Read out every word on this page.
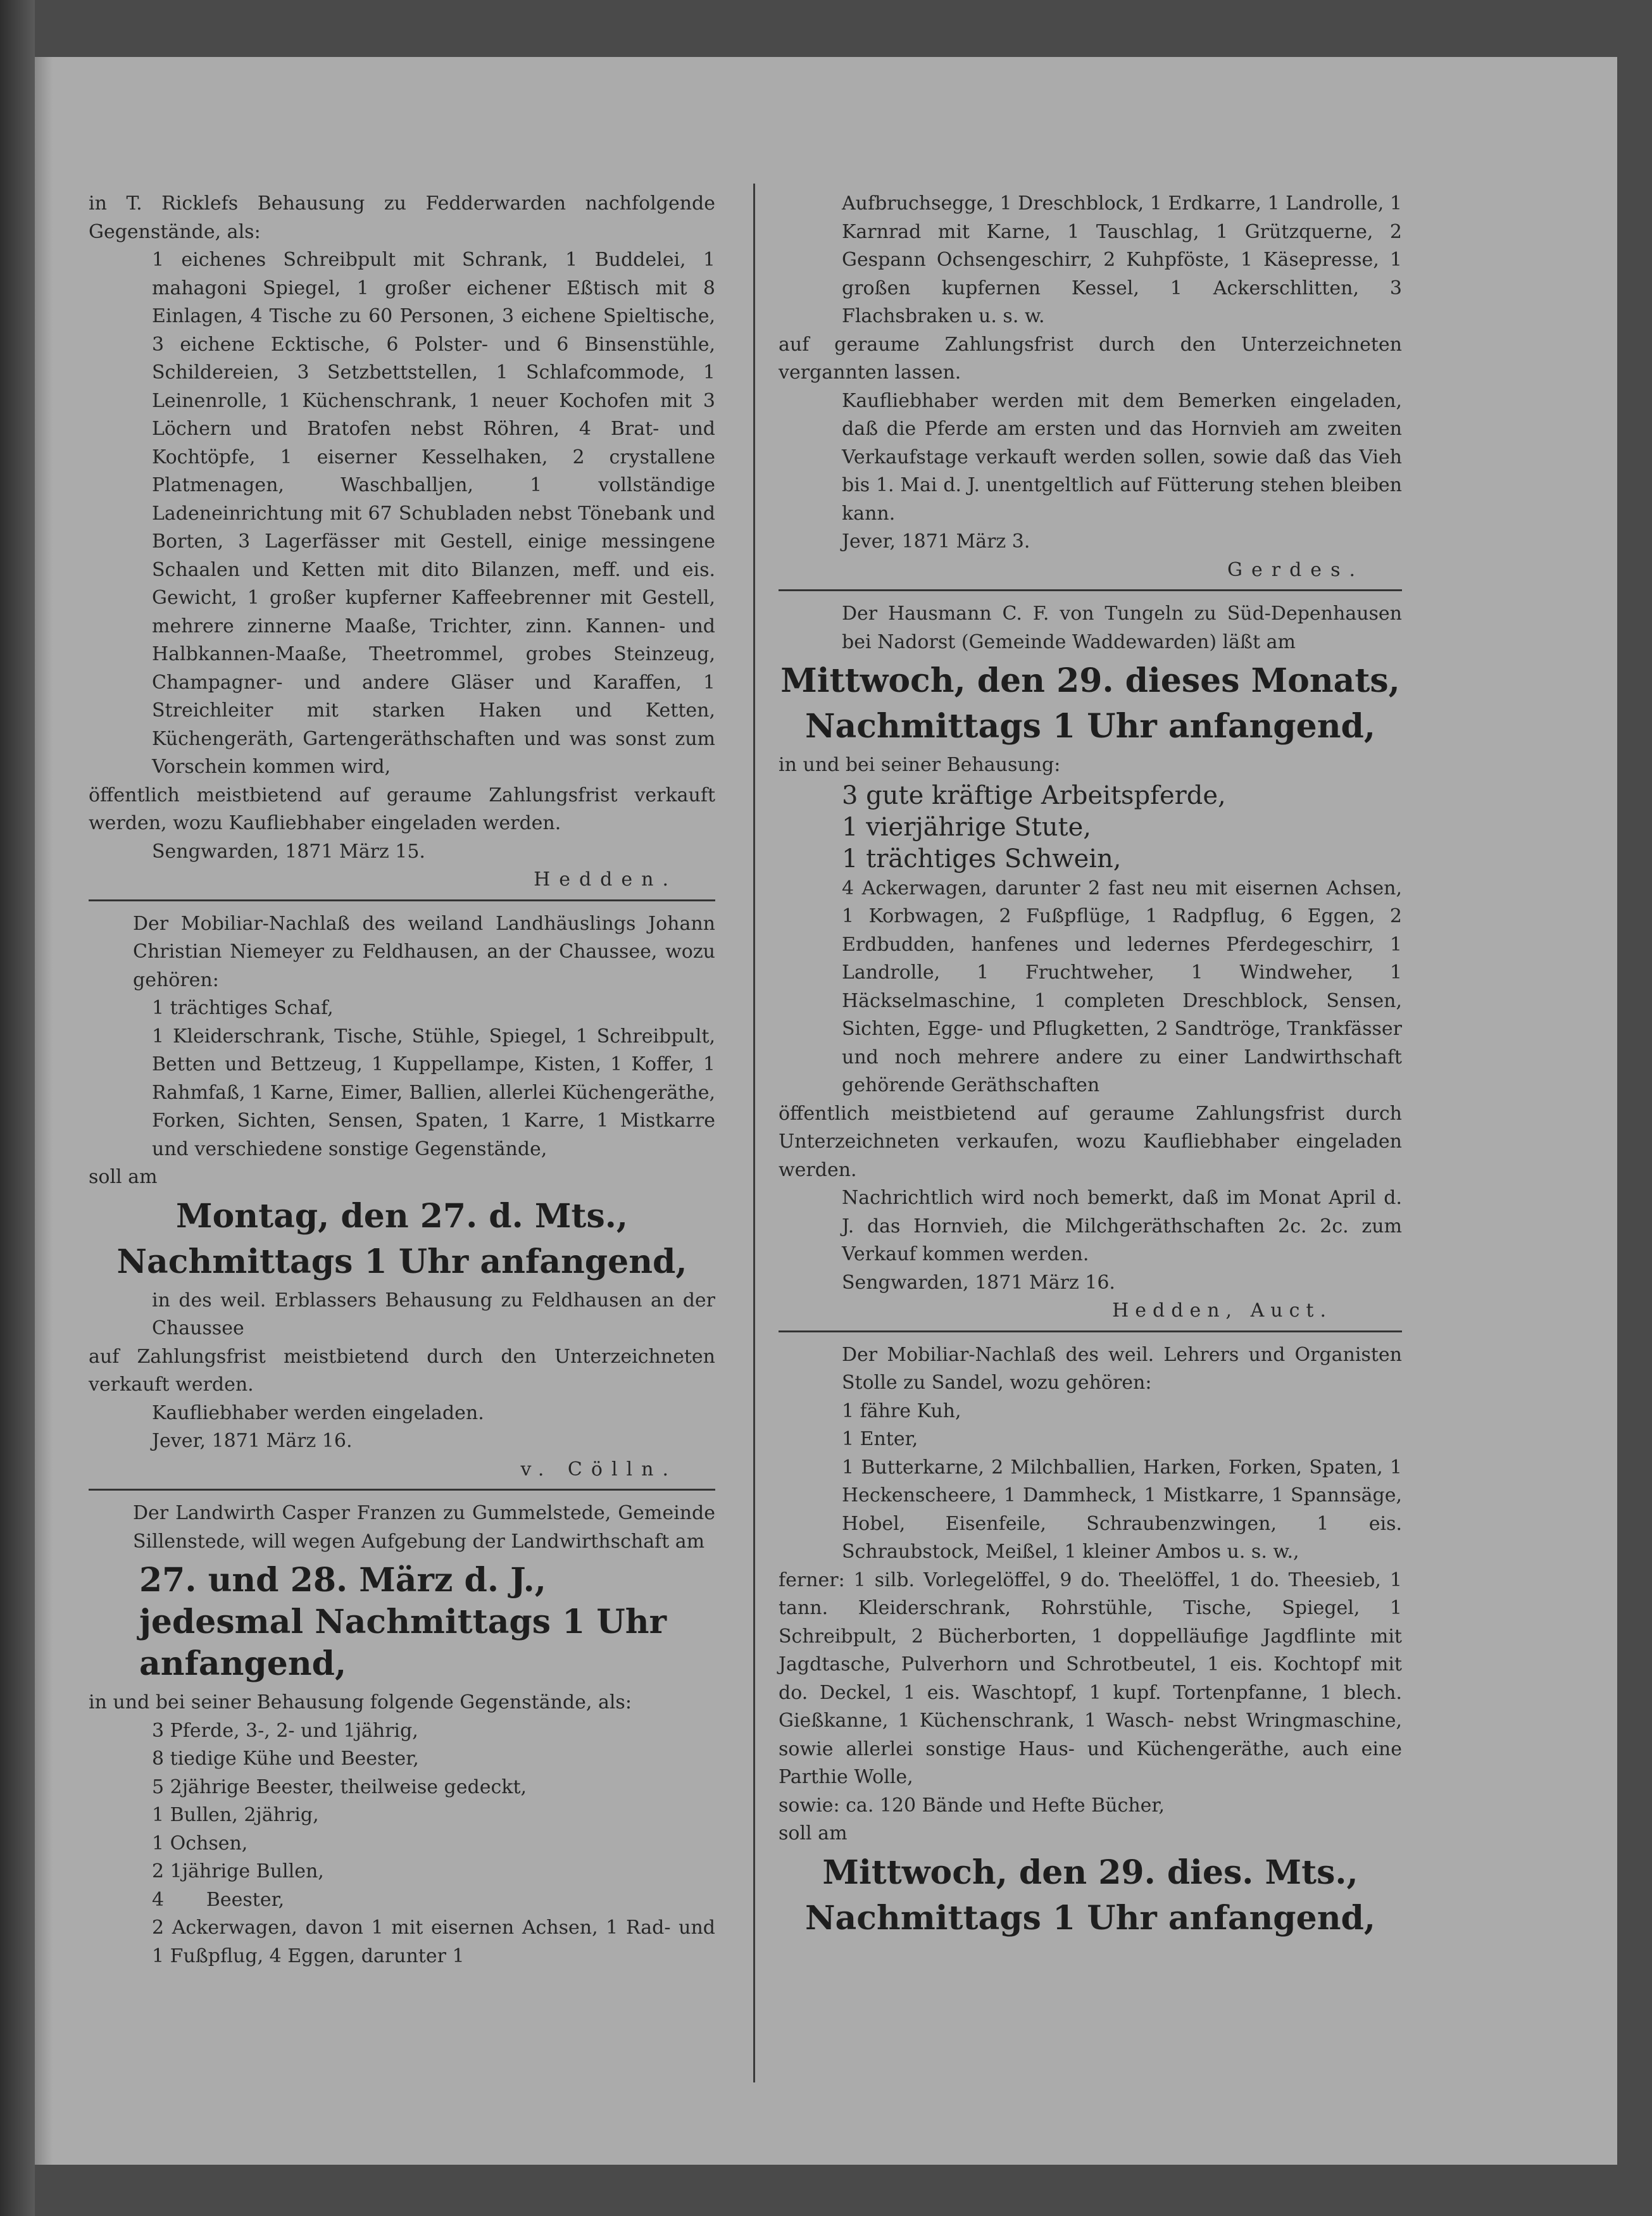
in T. Ricklefs Behausung zu Fedderwarden nachfolgende Gegenstände, als:

1 eichenes Schreibpult mit Schrank, 1 Buddelei, 1 mahagoni Spiegel, 1 großer eichener Eßtisch mit 8 Einlagen, 4 Tische zu 60 Personen, 3 eichene Spieltische, 3 eichene Ecktische, 6 Polster- und 6 Binsenstühle, Schildereien, 3 Setzbettstellen, 1 Schlafcommode, 1 Leinenrolle, 1 Küchenschrank, 1 neuer Kochofen mit 3 Löchern und Bratofen nebst Röhren, 4 Brat- und Kochtöpfe, 1 eiserner Kesselhaken, 2 crystallene Platmenagen, Waschballjen, 1 vollständige Ladeneinrichtung mit 67 Schubladen nebst Tönebank und Borten, 3 Lagerfässer mit Gestell, einige messingene Schaalen und Ketten mit dito Bilanzen, meff. und eis. Gewicht, 1 großer kupferner Kaffeebrenner mit Gestell, mehrere zinnerne Maaße, Trichter, zinn. Kannen- und Halbkannen-Maaße, Theetrommel, grobes Steinzeug, Champagner- und andere Gläser und Karaffen, 1 Streichleiter mit starken Haken und Ketten, Küchengeräth, Gartengeräthschaften und was sonst zum Vorschein kommen wird,

öffentlich meistbietend auf geraume Zahlungsfrist verkauft werden, wozu Kaufliebhaber eingeladen werden.

Sengwarden, 1871 März 15.

Hedden.

Der Mobiliar-Nachlaß des weiland Landhäuslings Johann Christian Niemeyer zu Feldhausen, an der Chaussee, wozu gehören:

1 trächtiges Schaf,

1 Kleiderschrank, Tische, Stühle, Spiegel, 1 Schreibpult, Betten und Bettzeug, 1 Kuppellampe, Kisten, 1 Koffer, 1 Rahmfaß, 1 Karne, Eimer, Ballien, allerlei Küchengeräthe, Forken, Sichten, Sensen, Spaten, 1 Karre, 1 Mistkarre und verschiedene sonstige Gegenstände,

soll am

Montag, den 27. d. Mts.,
Nachmittags 1 Uhr anfangend,

in des weil. Erblassers Behausung zu Feldhausen an der Chaussee

auf Zahlungsfrist meistbietend durch den Unterzeichneten verkauft werden.

Kaufliebhaber werden eingeladen.

Jever, 1871 März 16.

v. Cölln.

Der Landwirth Casper Franzen zu Gummelstede, Gemeinde Sillenstede, will wegen Aufgebung der Landwirthschaft am

27. und 28. März d. J., jedesmal Nachmittags 1 Uhr anfangend,

in und bei seiner Behausung folgende Gegenstände, als:

3 Pferde, 3-, 2- und 1jährig,

8 tiedige Kühe und Beester,

5 2jährige Beester, theilweise gedeckt,

1 Bullen, 2jährig,

1 Ochsen,

2 1jährige Bullen,

4       Beester,

2 Ackerwagen, davon 1 mit eisernen Achsen, 1 Rad- und 1 Fußpflug, 4 Eggen, darunter 1

Aufbruchsegge, 1 Dreschblock, 1 Erdkarre, 1 Landrolle, 1 Karnrad mit Karne, 1 Tauschlag, 1 Grützquerne, 2 Gespann Ochsengeschirr, 2 Kuhpföste, 1 Käsepresse, 1 großen kupfernen Kessel, 1 Ackerschlitten, 3 Flachsbraken u. s. w.

auf geraume Zahlungsfrist durch den Unterzeichneten vergannten lassen.

Kaufliebhaber werden mit dem Bemerken eingeladen, daß die Pferde am ersten und das Hornvieh am zweiten Verkaufstage verkauft werden sollen, sowie daß das Vieh bis 1. Mai d. J. unentgeltlich auf Fütterung stehen bleiben kann.

Jever, 1871 März 3.

Gerdes.

Der Hausmann C. F. von Tungeln zu Süd-Depenhausen bei Nadorst (Gemeinde Waddewarden) läßt am

Mittwoch, den 29. dieses Monats,
Nachmittags 1 Uhr anfangend,

in und bei seiner Behausung:

3 gute kräftige Arbeitspferde,
1 vierjährige Stute,
1 trächtiges Schwein,

4 Ackerwagen, darunter 2 fast neu mit eisernen Achsen, 1 Korbwagen, 2 Fußpflüge, 1 Radpflug, 6 Eggen, 2 Erdbudden, hanfenes und ledernes Pferdegeschirr, 1 Landrolle, 1 Fruchtweher, 1 Windweher, 1 Häckselmaschine, 1 completen Dreschblock, Sensen, Sichten, Egge- und Pflugketten, 2 Sandtröge, Trankfässer und noch mehrere andere zu einer Landwirthschaft gehörende Geräthschaften

öffentlich meistbietend auf geraume Zahlungsfrist durch Unterzeichneten verkaufen, wozu Kaufliebhaber eingeladen werden.

Nachrichtlich wird noch bemerkt, daß im Monat April d. J. das Hornvieh, die Milchgeräthschaften 2c. 2c. zum Verkauf kommen werden.

Sengwarden, 1871 März 16.

Hedden, Auct.

Der Mobiliar-Nachlaß des weil. Lehrers und Organisten Stolle zu Sandel, wozu gehören:

1 fähre Kuh,

1 Enter,

1 Butterkarne, 2 Milchballien, Harken, Forken, Spaten, 1 Heckenscheere, 1 Dammheck, 1 Mistkarre, 1 Spannsäge, Hobel, Eisenfeile, Schraubenzwingen, 1 eis. Schraubstock, Meißel, 1 kleiner Ambos u. s. w.,

ferner: 1 silb. Vorlegelöffel, 9 do. Theelöffel, 1 do. Theesieb, 1 tann. Kleiderschrank, Rohrstühle, Tische, Spiegel, 1 Schreibpult, 2 Bücherborten, 1 doppelläufige Jagdflinte mit Jagdtasche, Pulverhorn und Schrotbeutel, 1 eis. Kochtopf mit do. Deckel, 1 eis. Waschtopf, 1 kupf. Tortenpfanne, 1 blech. Gießkanne, 1 Küchenschrank, 1 Wasch- nebst Wringmaschine, sowie allerlei sonstige Haus- und Küchengeräthe, auch eine Parthie Wolle,

sowie: ca. 120 Bände und Hefte Bücher,

soll am

Mittwoch, den 29. dies. Mts.,
Nachmittags 1 Uhr anfangend,
